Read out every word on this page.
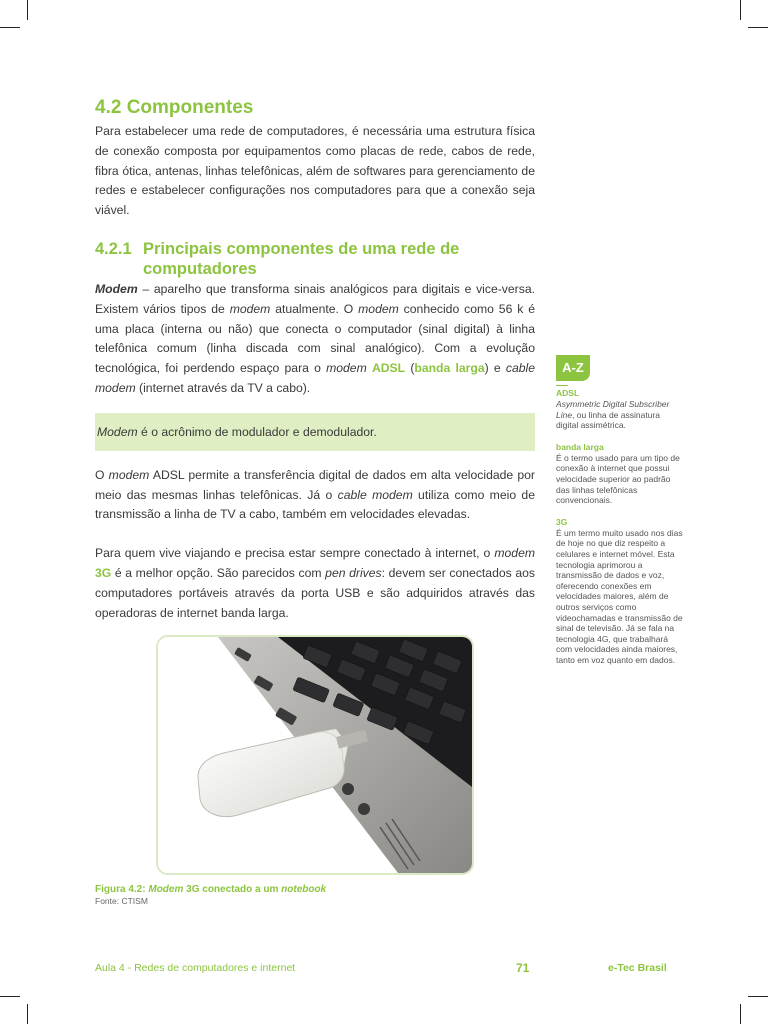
4.2 Componentes

Para estabelecer uma rede de computadores, é necessária uma estrutura física de conexão composta por equipamentos como placas de rede, cabos de rede, fibra ótica, antenas, linhas telefônicas, além de softwares para gerenciamento de redes e estabelecer configurações nos computadores para que a conexão seja viável.

4.2.1 Principais componentes de uma rede de
computadores

Modem – aparelho que transforma sinais analógicos para digitais e vice-versa. Existem vários tipos de modem atualmente. O modem conhecido como 56 k é uma placa (interna ou não) que conecta o computador (sinal digital) à linha telefônica comum (linha discada com sinal analógico). Com a evolução tecnológica, foi perdendo espaço para o modem ADSL (banda larga) e cable modem (internet através da TV a cabo).

Modem é o acrônimo de modulador e demodulador.

O modem ADSL permite a transferência digital de dados em alta velocidade por meio das mesmas linhas telefônicas. Já o cable modem utiliza como meio de transmissão a linha de TV a cabo, também em velocidades elevadas.

Para quem vive viajando e precisa estar sempre conectado à internet, o modem 3G é a melhor opção. São parecidos com pen drives: devem ser conectados aos computadores portáveis através da porta USB e são adquiridos através das operadoras de internet banda larga.

Figura 4.2: Modem 3G conectado a um notebook
Fonte: CTISM
A-Z
ADSL

Asymmetric Digital Subscriber Line, ou linha de assinatura digital assimétrica.

banda larga

É o termo usado para um tipo de conexão à internet que possui velocidade superior ao padrão das linhas telefônicas convencionais.

3G

É um termo muito usado nos dias de hoje no que diz respeito a celulares e internet móvel. Esta tecnologia aprimorou a transmissão de dados e voz, oferecendo conexões em velocidades maiores, além de outros serviços como videochamadas e transmissão de sinal de televisão. Já se fala na tecnologia 4G, que trabalhará com velocidades ainda maiores, tanto em voz quanto em dados.

Aula 4 - Redes de computadores e internet	71	e-Tec Brasil
